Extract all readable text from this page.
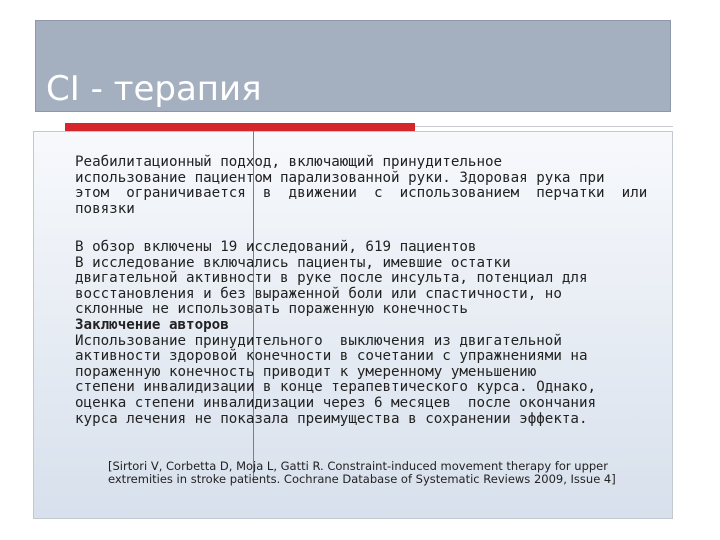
CI - терапия
Реабилитационный подход, включающий принудительное
использование пациентом парализованной руки. Здоровая рука при
этом  ограничивается  в  движении  с  использованием  перчатки  или
повязки
В обзор включены 19 исследований, 619 пациентов
В исследование включались пациенты, имевшие остатки
двигательной активности в руке после инсульта, потенциал для
восстановления и без выраженной боли или спастичности, но
склонные не использовать пораженную конечность
Заключение авторов
Использование принудительного  выключения из двигательной
активности здоровой конечности в сочетании с упражнениями на
пораженную конечность приводит к умеренному уменьшению
степени инвалидизации в конце терапевтического курса. Однако,
оценка степени инвалидизации через 6 месяцев  после окончания
курса лечения не показала преимущества в сохранении эффекта.
[Sirtori V, Corbetta D, Moja L, Gatti R. Constraint-induced movement therapy for upper
extremities in stroke patients. Cochrane Database of Systematic Reviews 2009, Issue 4]
